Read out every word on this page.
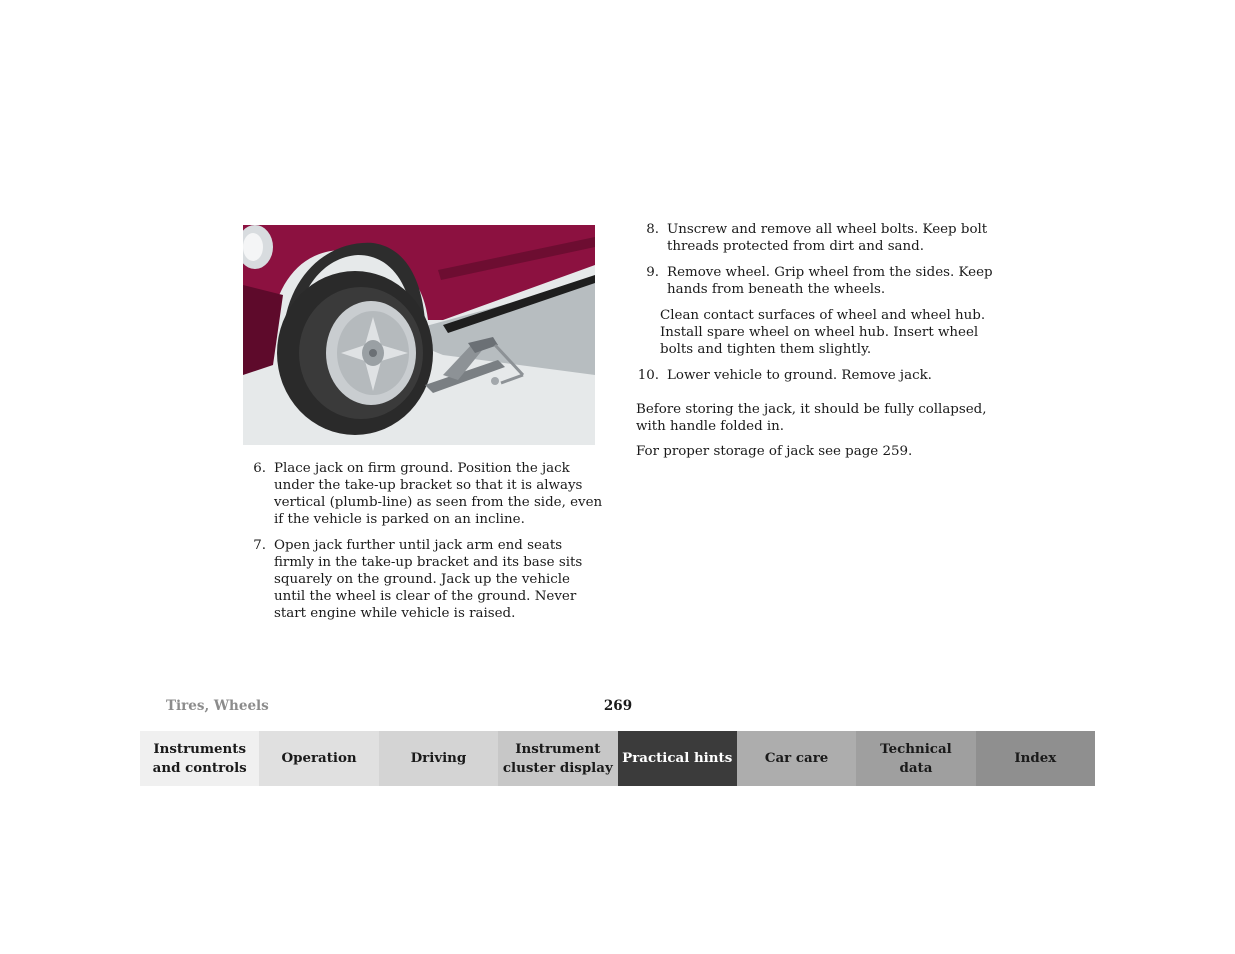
6. Place jack on firm ground. Position the jack under the take-up bracket so that it is always vertical (plumb-line) as seen from the side, even if the vehicle is parked on an incline.
7. Open jack further until jack arm end seats firmly in the take-up bracket and its base sits squarely on the ground. Jack up the vehicle until the wheel is clear of the ground. Never start engine while vehicle is raised.
8. Unscrew and remove all wheel bolts. Keep bolt threads protected from dirt and sand.
9. Remove wheel. Grip wheel from the sides. Keep hands from beneath the wheels.
Clean contact surfaces of wheel and wheel hub. Install spare wheel on wheel hub. Insert wheel bolts and tighten them slightly.
10. Lower vehicle to ground. Remove jack.

Before storing the jack, it should be fully collapsed, with handle folded in.

For proper storage of jack see page 259.

Tires, Wheels	269
Instruments
and controls
Operation	Driving
Instrument
cluster display
Practical hints	Car care
Technical
data
Index
